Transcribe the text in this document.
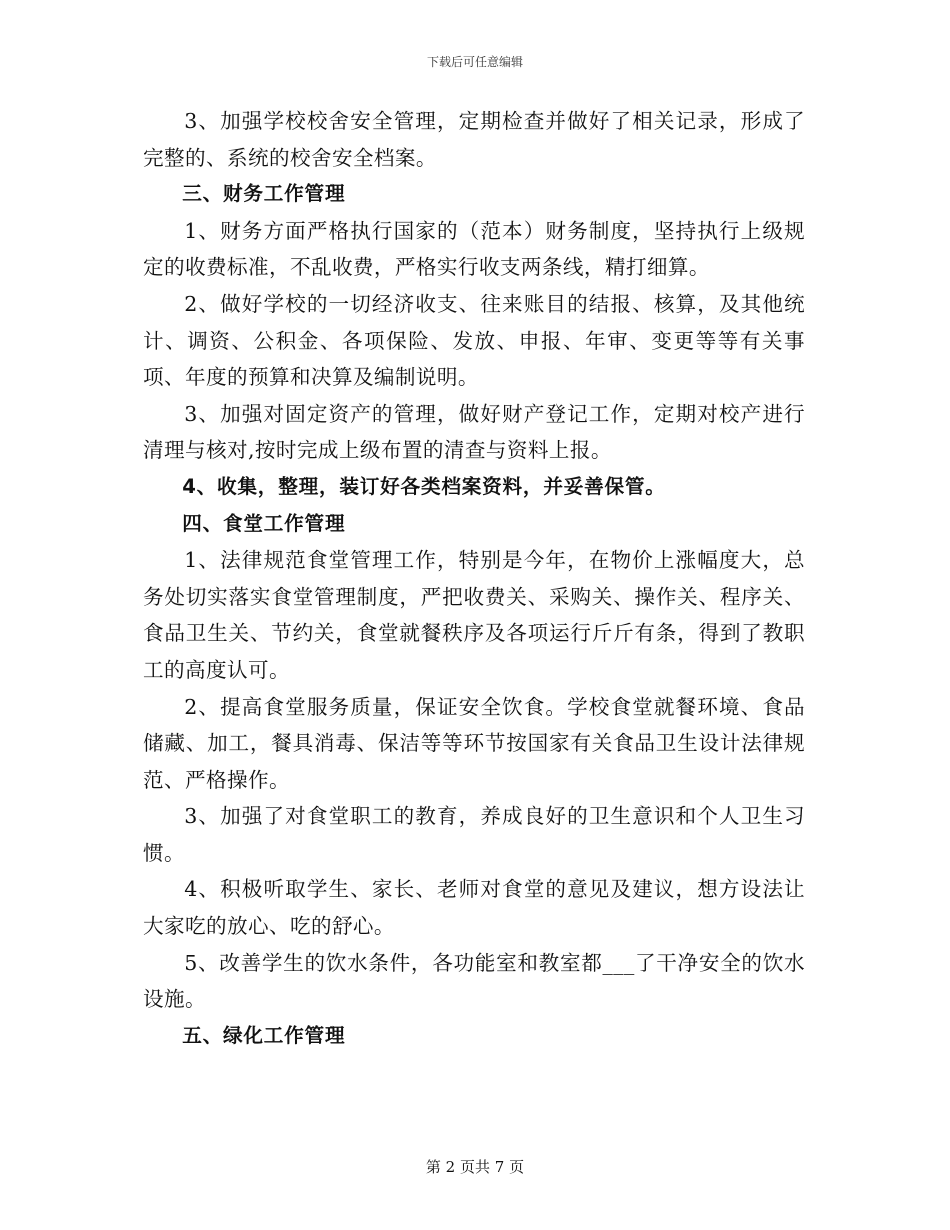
下载后可任意编辑

3、加强学校校舍安全管理，定期检查并做好了相关记录，形成了完整的、系统的校舍安全档案。

三、财务工作管理

1、财务方面严格执行国家的（范本）财务制度，坚持执行上级规定的收费标准，不乱收费，严格实行收支两条线，精打细算。

2、做好学校的一切经济收支、往来账目的结报、核算，及其他统计、调资、公积金、各项保险、发放、申报、年审、变更等等有关事项、年度的预算和决算及编制说明。

3、加强对固定资产的管理，做好财产登记工作，定期对校产进行清理与核对,按时完成上级布置的清查与资料上报。

4、收集，整理，装订好各类档案资料，并妥善保管。

四、食堂工作管理

1、法律规范食堂管理工作，特别是今年，在物价上涨幅度大，总务处切实落实食堂管理制度，严把收费关、采购关、操作关、程序关、食品卫生关、节约关，食堂就餐秩序及各项运行斤斤有条，得到了教职工的高度认可。

2、提高食堂服务质量，保证安全饮食。学校食堂就餐环境、食品储藏、加工，餐具消毒、保洁等等环节按国家有关食品卫生设计法律规范、严格操作。

3、加强了对食堂职工的教育，养成良好的卫生意识和个人卫生习惯。

4、积极听取学生、家长、老师对食堂的意见及建议，想方设法让大家吃的放心、吃的舒心。

5、改善学生的饮水条件，各功能室和教室都___了干净安全的饮水设施。

五、绿化工作管理

第 2 页共 7 页
